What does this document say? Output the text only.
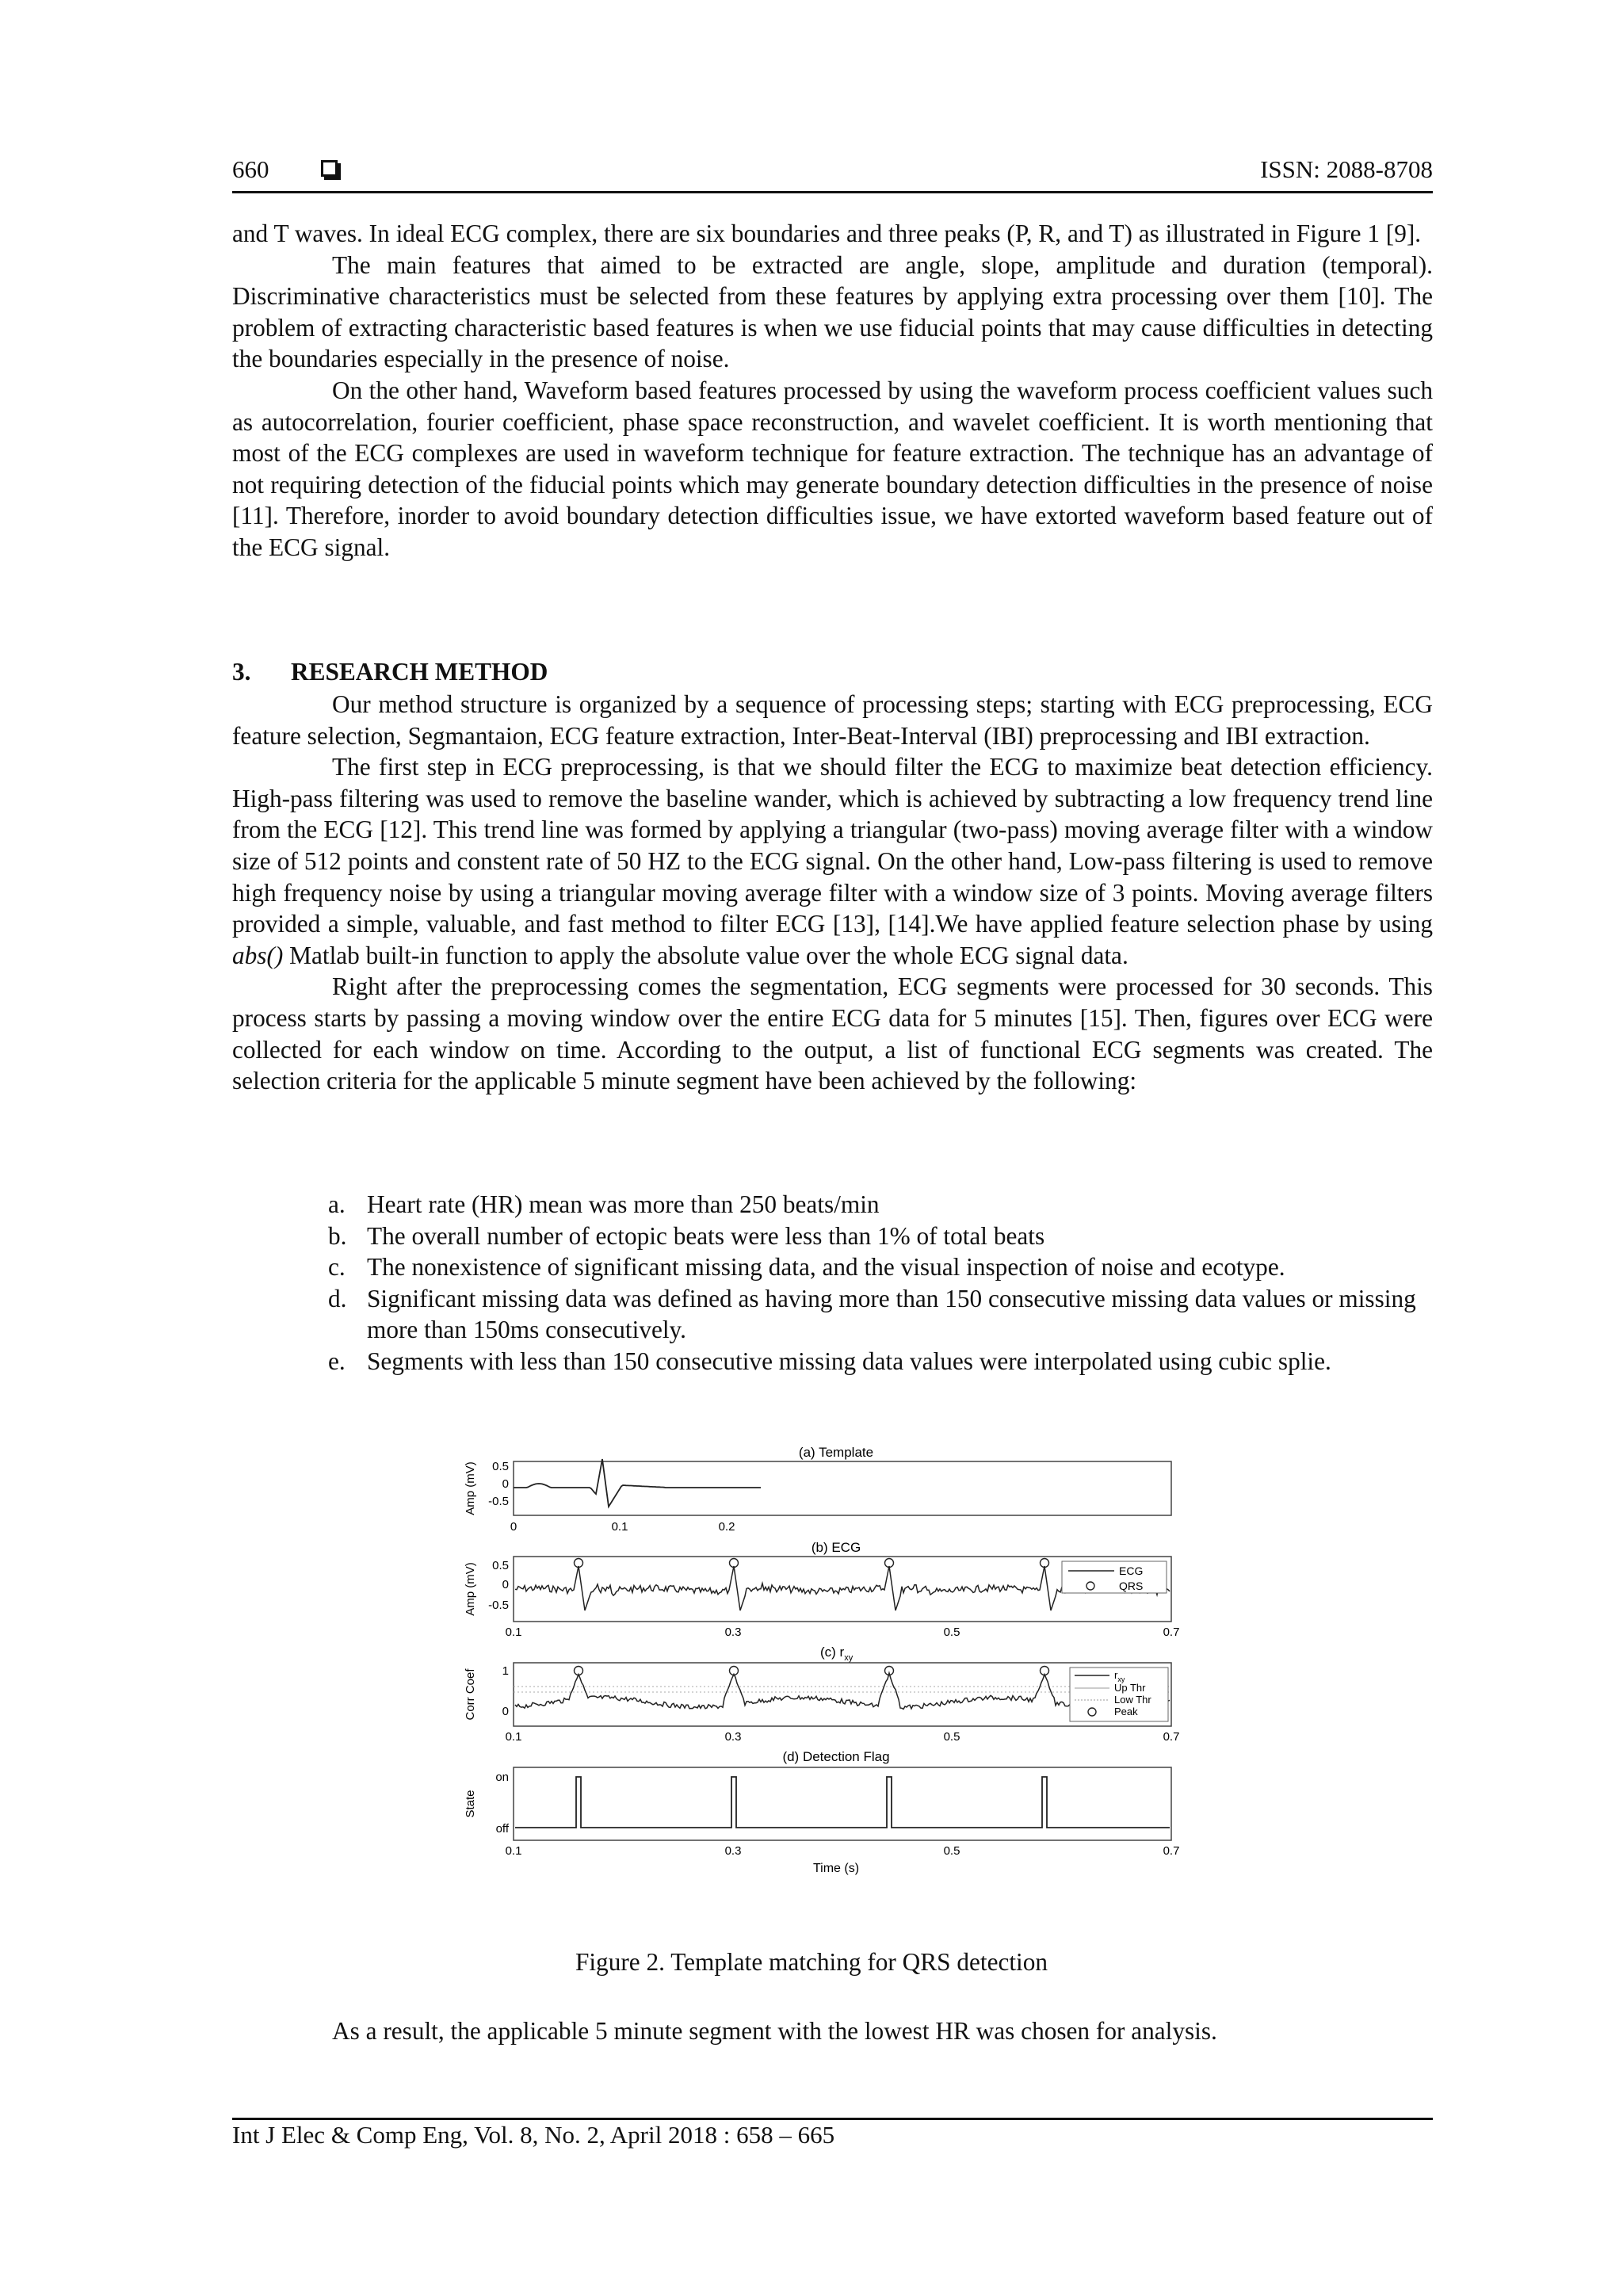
660	ISSN: 2088-8708

and T waves. In ideal ECG complex, there are six boundaries and three peaks (P, R, and T) as illustrated in Figure 1 [9].

The main features that aimed to be extracted are angle, slope, amplitude and duration (temporal). Discriminative characteristics must be selected from these features by applying extra processing over them [10]. The problem of extracting characteristic based features is when we use fiducial points that may cause difficulties in detecting the boundaries especially in the presence of noise.

On the other hand, Waveform based features processed by using the waveform process coefficient values such as autocorrelation, fourier coefficient, phase space reconstruction, and wavelet coefficient. It is worth mentioning that most of the ECG complexes are used in waveform technique for feature extraction. The technique has an advantage of not requiring detection of the fiducial points which may generate boundary detection difficulties in the presence of noise [11]. Therefore, inorder to avoid boundary detection difficulties issue, we have extorted waveform based feature out of the ECG signal.

3. RESEARCH METHOD

Our method structure is organized by a sequence of processing steps; starting with ECG preprocessing, ECG feature selection, Segmantaion, ECG feature extraction, Inter-Beat-Interval (IBI) preprocessing and IBI extraction.

The first step in ECG preprocessing, is that we should filter the ECG to maximize beat detection efficiency. High-pass filtering was used to remove the baseline wander, which is achieved by subtracting a low frequency trend line from the ECG [12]. This trend line was formed by applying a triangular (two-pass) moving average filter with a window size of 512 points and constent rate of 50 HZ to the ECG signal. On the other hand, Low-pass filtering is used to remove high frequency noise by using a triangular moving average filter with a window size of 3 points. Moving average filters provided a simple, valuable, and fast method to filter ECG [13], [14].We have applied feature selection phase by using abs() Matlab built-in function to apply the absolute value over the whole ECG signal data.

Right after the preprocessing comes the segmentation, ECG segments were processed for 30 seconds. This process starts by passing a moving window over the entire ECG data for 5 minutes [15]. Then, figures over ECG were collected for each window on time. According to the output, a list of functional ECG segments was created. The selection criteria for the applicable 5 minute segment have been achieved by the following:

a. Heart rate (HR) mean was more than 250 beats/min
b. The overall number of ectopic beats were less than 1% of total beats
c. The nonexistence of significant missing data, and the visual inspection of noise and ecotype.
d. Significant missing data was defined as having more than 150 consecutive missing data values or missing more than 150ms consecutively.
e. Segments with less than 150 consecutive missing data values were interpolated using cubic splie.
(a) Template
0.5
0
-0.5
0	0.1	0.2
Amp (mV)
(b) ECG
ECG
QRS
0.5
0
-0.5
0.1	0.3	0.5	0.7
Amp (mV)
(c) $r_{xy}$
$r_{xy}$
Up Thr
Low Thr
Peak
1
0
0.1	0.3	0.5	0.7
Corr Coef
(d) Detection Flag
on
off
0.1	0.3	0.5	0.7
Time (s)
State
Figure 2. Template matching for QRS detection
As a result, the applicable 5 minute segment with the lowest HR was chosen for analysis.
Int J Elec & Comp Eng, Vol. 8, No. 2, April 2018 : 658 – 665
